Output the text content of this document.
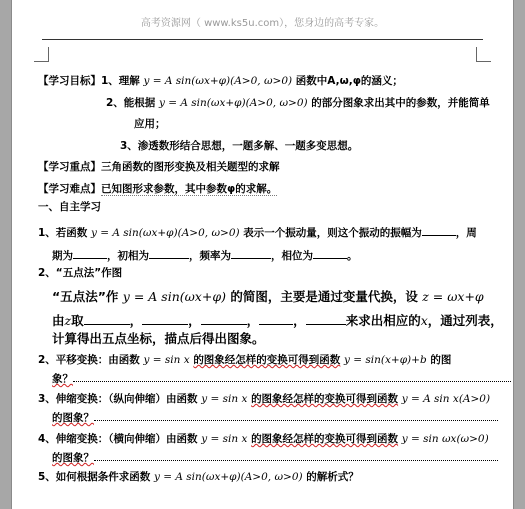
高考资源网（ www.ks5u.com），您身边的高考专家。
【学习目标】1、理解 y = A sin(ωx+φ)(A>0, ω>0) 函数中A,ω,φ的涵义；
2、能根据 y = A sin(ωx+φ)(A>0, ω>0) 的部分图象求出其中的参数，并能简单
应用；
3、渗透数形结合思想，一题多解、一题多变思想。
【学习重点】三角函数的图形变换及相关题型的求解
【学习难点】已知图形求参数，其中参数φ的求解。
一、自主学习
1、若函数 y = A sin(ωx+φ)(A>0, ω>0) 表示一个振动量，则这个振动的振幅为	，周
期为	，初相为	，频率为	，相位为	。
2、“五点法”作图
“五点法”作 y = A sin(ωx+φ) 的简图，主要是通过变量代换，设 z = ωx+φ
由z取	，	，	，	，	来求出相应的x，通过列表，
计算得出五点坐标，描点后得出图象。
2、平移变换：由函数 y = sin x 的图象经怎样的变换可得到函数 y = sin(x+φ)+b 的图
象？
3、伸缩变换：（纵向伸缩）由函数 y = sin x 的图象经怎样的变换可得到函数 y = A sin x(A>0)
的图象？
4、伸缩变换：（横向伸缩）由函数 y = sin x 的图象经怎样的变换可得到函数 y = sin ωx(ω>0)
的图象？
5、如何根据条件求函数 y = A sin(ωx+φ)(A>0, ω>0) 的解析式？
